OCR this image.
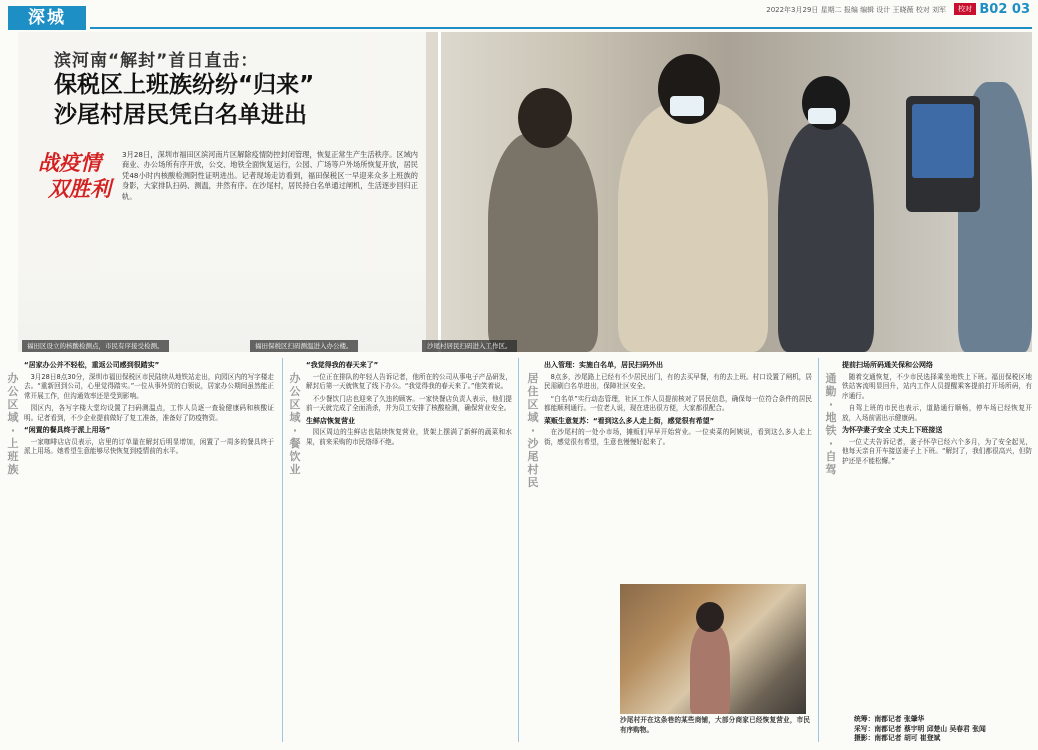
深城	2022年3月29日 星期二 报编 编辑 设计 王晓薇 校对 刘军	校对 B02 03
滨河南“解封”首日直击：
保税区上班族纷纷“归来”
沙尾村居民凭白名单进出
战疫情
双胜利
3月28日，深圳市福田区滨河南片区解除疫情防控封闭管理，恢复正常生产生活秩序。区域内商业、办公场所有序开放，公交、地铁全面恢复运行，公园、广场等户外场所恢复开放，居民凭48小时内核酸检测阴性证明进出。记者现场走访看到，福田保税区一早迎来众多上班族的身影，大家排队扫码、测温，井然有序。在沙尾村，居民持白名单通过闸机，生活逐步回归正轨。
福田区设立的核酸检测点，市民有序接受检测。	福田保税区扫码测温进入办公楼。	沙尾村居民扫码进入工作区。
办公区域·上班族
“居家办公并不轻松，重返公司感到很踏实”

3月28日8点30分，深圳市福田保税区市民陆续从地铁站走出，向园区内的写字楼走去。“重新回到公司，心里觉得踏实。”一位从事外贸的白领说，居家办公期间虽然能正常开展工作，但沟通效率还是受到影响。

园区内，各写字楼大堂均设置了扫码测温点，工作人员逐一查验健康码和核酸证明。记者看到，不少企业提前做好了复工准备，准备好了防疫物资。

“闲置的餐具终于派上用场”

一家咖啡店店员表示，店里的订单量在解封后明显增加，闲置了一周多的餐具终于派上用场。她希望生意能够尽快恢复到疫情前的水平。

办公区域·餐饮业
“我觉得我的春天来了”

一位正在排队的年轻人告诉记者，他所在的公司从事电子产品研发，解封后第一天就恢复了线下办公。“我觉得我的春天来了。”他笑着说。

不少餐饮门店也迎来了久违的顾客。一家快餐店负责人表示，他们提前一天就完成了全面消杀，并为员工安排了核酸检测，确保营业安全。

生鲜店恢复营业

园区周边的生鲜店也陆续恢复营业，货架上摆满了新鲜的蔬菜和水果，前来采购的市民络绎不绝。

居住区域·沙尾村民
出入管理：实施白名单，居民扫码外出

8点多，沙尾路上已经有不少居民出门，有的去买早餐，有的去上班。村口设置了闸机，居民需刷白名单进出，保障社区安全。

“白名单”实行动态管理，社区工作人员提前核对了居民信息，确保每一位符合条件的居民都能顺利通行。一位老人说，现在进出很方便，大家都很配合。

菜贩生意复苏：“看到这么多人走上街，感觉很有希望”

在沙尾村的一处小市场，摊贩们早早开始营业。一位卖菜的阿姨说，看到这么多人走上街，感觉很有希望，生意也慢慢好起来了。

沙尾村开在这条巷的某些商铺，大部分商家已经恢复营业，市民有序购物。
通勤·地铁·自驾
提前扫场所码通关保和公网络

随着交通恢复，不少市民选择乘坐地铁上下班。福田保税区地铁站客流明显回升，站内工作人员提醒乘客提前打开场所码，有序通行。

自驾上班的市民也表示，道路通行顺畅，停车场已经恢复开放，入场前需出示健康码。

为怀孕妻子安全 丈夫上下班接送

一位丈夫告诉记者，妻子怀孕已经六个多月，为了安全起见，他每天亲自开车接送妻子上下班。“解封了，我们都很高兴，但防护还是不能松懈。”

统筹：南都记者 张肇华
采写：南都记者 蔡宇明 邱楚山 吴春君 张闻
摄影：南都记者 胡可 崔登斌
